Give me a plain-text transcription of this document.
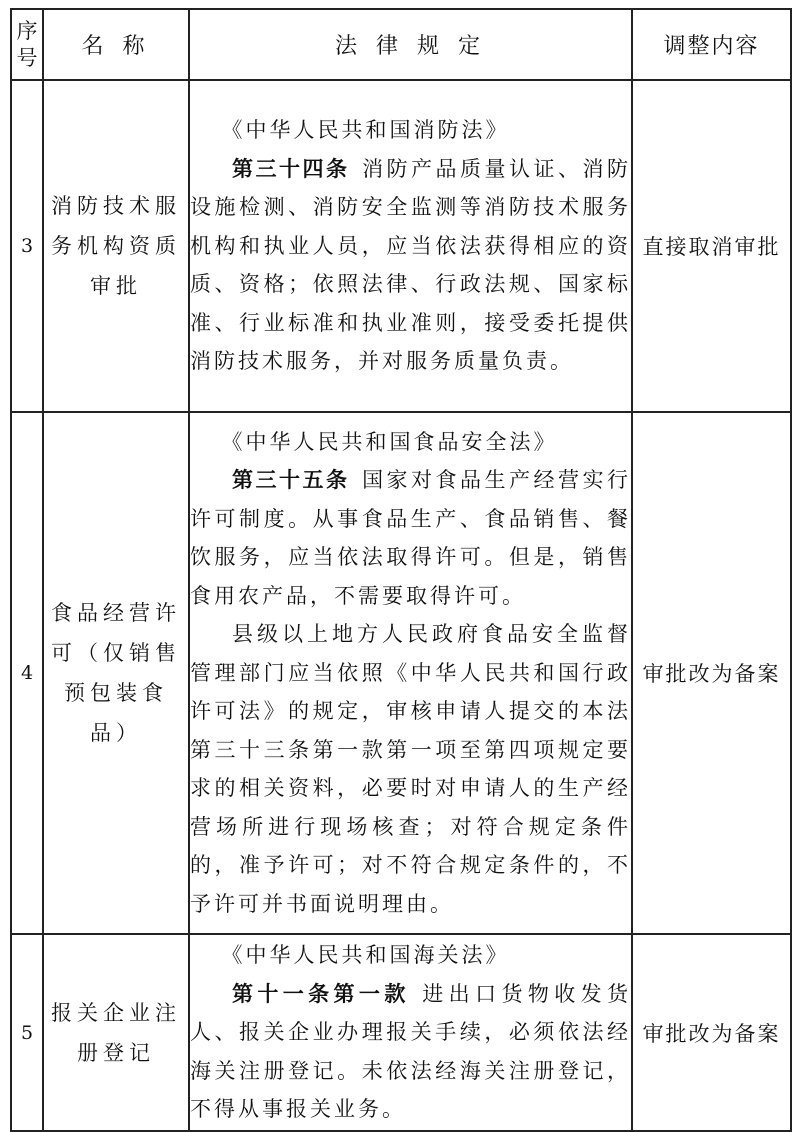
序
号	名 称	法 律 规 定	调整内容
3	消防技术服务机构资质审批	《中华人民共和国消防法》

第三十四条 消防产品质量认证、消防设施检测、消防安全监测等消防技术服务机构和执业人员，应当依法获得相应的资质、资格；依照法律、行政法规、国家标准、行业标准和执业准则，接受委托提供消防技术服务，并对服务质量负责。	直接取消审批
4	食品经营许可（仅销售预包装食品）	《中华人民共和国食品安全法》

第三十五条 国家对食品生产经营实行许可制度。从事食品生产、食品销售、餐饮服务，应当依法取得许可。但是，销售食用农产品，不需要取得许可。

县级以上地方人民政府食品安全监督管理部门应当依照《中华人民共和国行政许可法》的规定，审核申请人提交的本法第三十三条第一款第一项至第四项规定要求的相关资料，必要时对申请人的生产经营场所进行现场核查；对符合规定条件的，准予许可；对不符合规定条件的，不予许可并书面说明理由。	审批改为备案
5	报关企业注册登记	《中华人民共和国海关法》

第十一条第一款 进出口货物收发货人、报关企业办理报关手续，必须依法经海关注册登记。未依法经海关注册登记，不得从事报关业务。	审批改为备案
